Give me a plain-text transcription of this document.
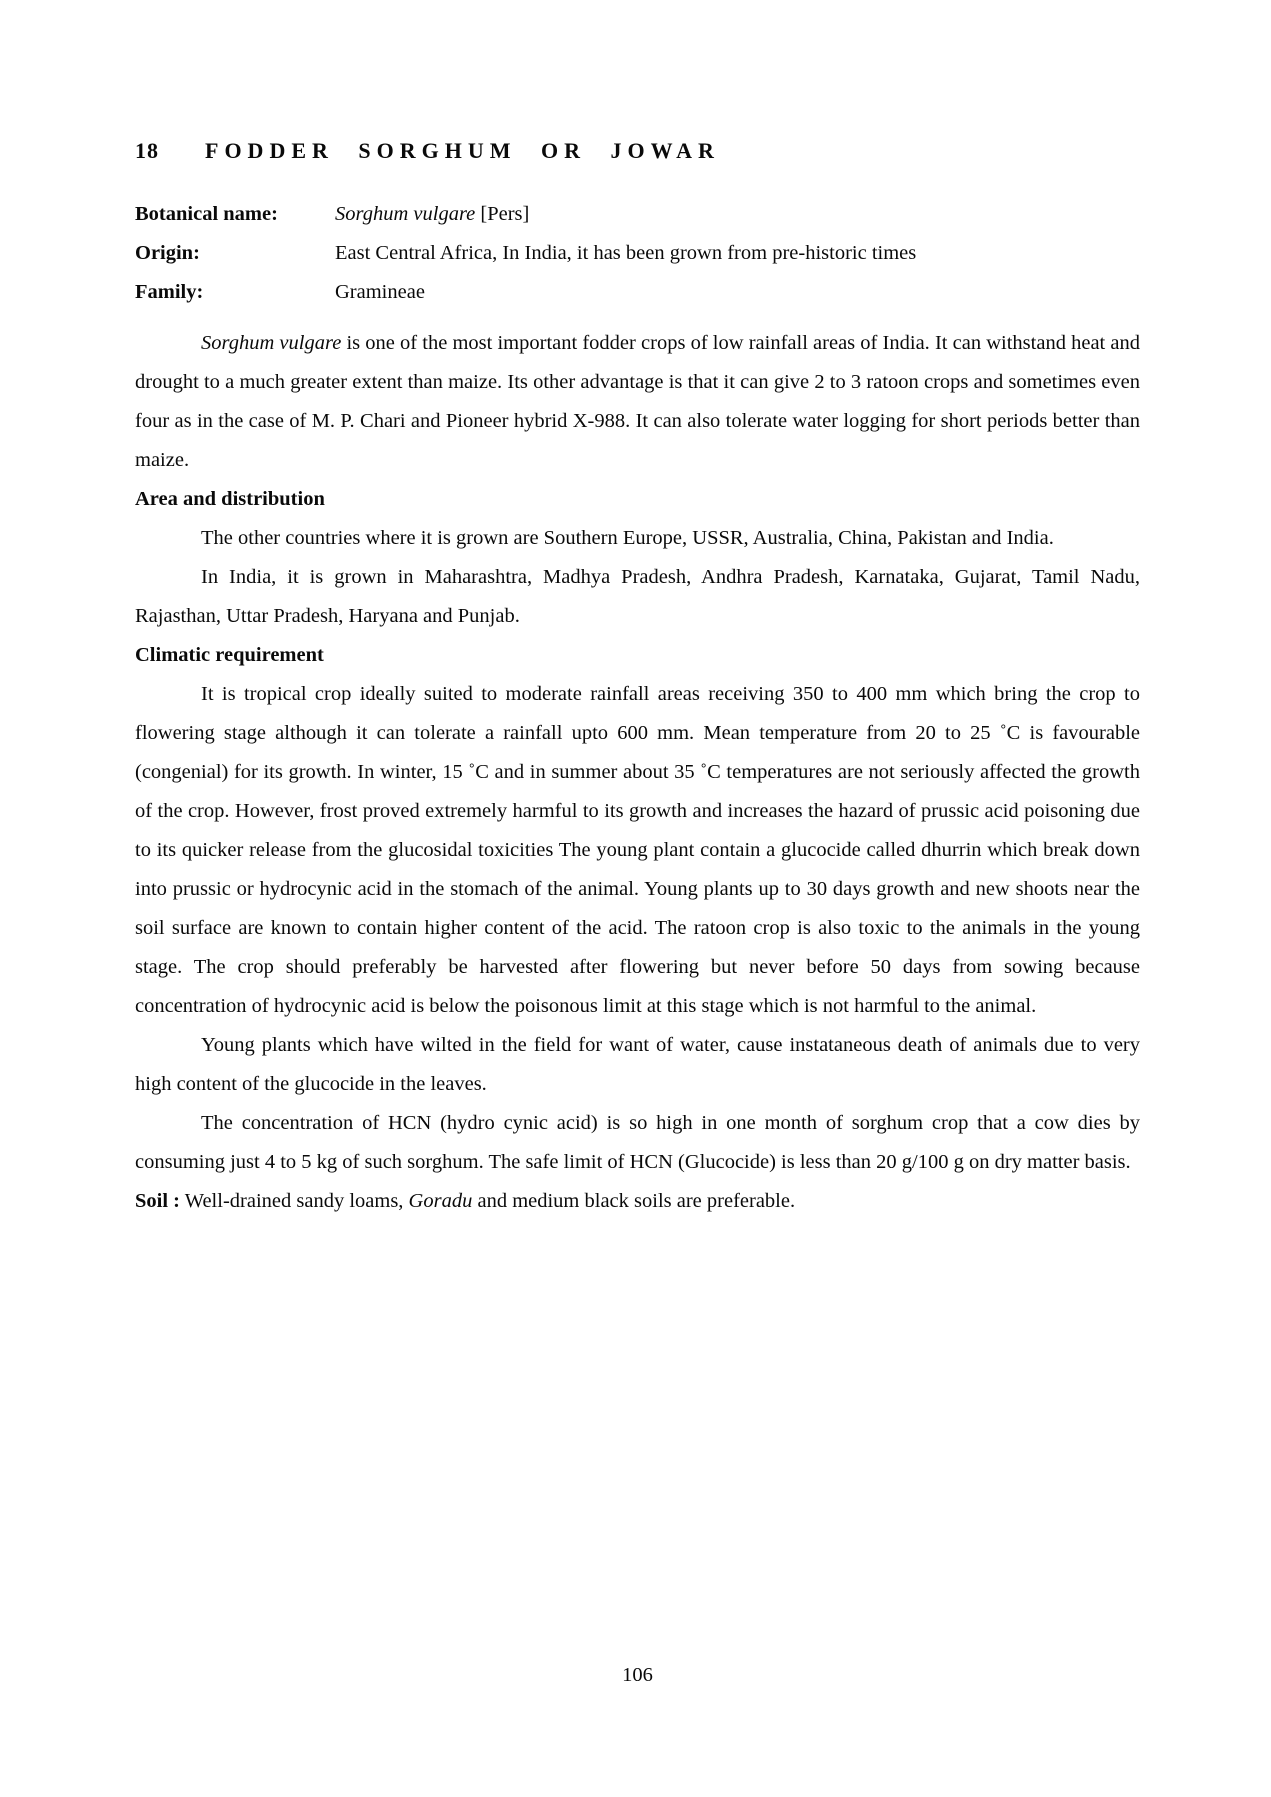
18 FODDER SORGHUM OR JOWAR
Botanical name:	Sorghum vulgare [Pers]
Origin:	East Central Africa, In India, it has been grown from pre-historic times
Family:	Gramineae

Sorghum vulgare is one of the most important fodder crops of low rainfall areas of India. It can withstand heat and drought to a much greater extent than maize. Its other advantage is that it can give 2 to 3 ratoon crops and sometimes even four as in the case of M. P. Chari and Pioneer hybrid X-988. It can also tolerate water logging for short periods better than maize.

Area and distribution

The other countries where it is grown are Southern Europe, USSR, Australia, China, Pakistan and India.

In India, it is grown in Maharashtra, Madhya Pradesh, Andhra Pradesh, Karnataka, Gujarat, Tamil Nadu, Rajasthan, Uttar Pradesh, Haryana and Punjab.

Climatic requirement

It is tropical crop ideally suited to moderate rainfall areas receiving 350 to 400 mm which bring the crop to flowering stage although it can tolerate a rainfall upto 600 mm. Mean temperature from 20 to 25 ˚C is favourable (congenial) for its growth. In winter, 15 ˚C and in summer about 35 ˚C temperatures are not seriously affected the growth of the crop. However, frost proved extremely harmful to its growth and increases the hazard of prussic acid poisoning due to its quicker release from the glucosidal toxicities The young plant contain a glucocide called dhurrin which break down into prussic or hydrocynic acid in the stomach of the animal. Young plants up to 30 days growth and new shoots near the soil surface are known to contain higher content of the acid. The ratoon crop is also toxic to the animals in the young stage. The crop should preferably be harvested after flowering but never before 50 days from sowing because concentration of hydrocynic acid is below the poisonous limit at this stage which is not harmful to the animal.

Young plants which have wilted in the field for want of water, cause instataneous death of animals due to very high content of the glucocide in the leaves.

The concentration of HCN (hydro cynic acid) is so high in one month of sorghum crop that a cow dies by consuming just 4 to 5 kg of such sorghum. The safe limit of HCN (Glucocide) is less than 20 g/100 g on dry matter basis.

Soil : Well-drained sandy loams, Goradu and medium black soils are preferable.

106
